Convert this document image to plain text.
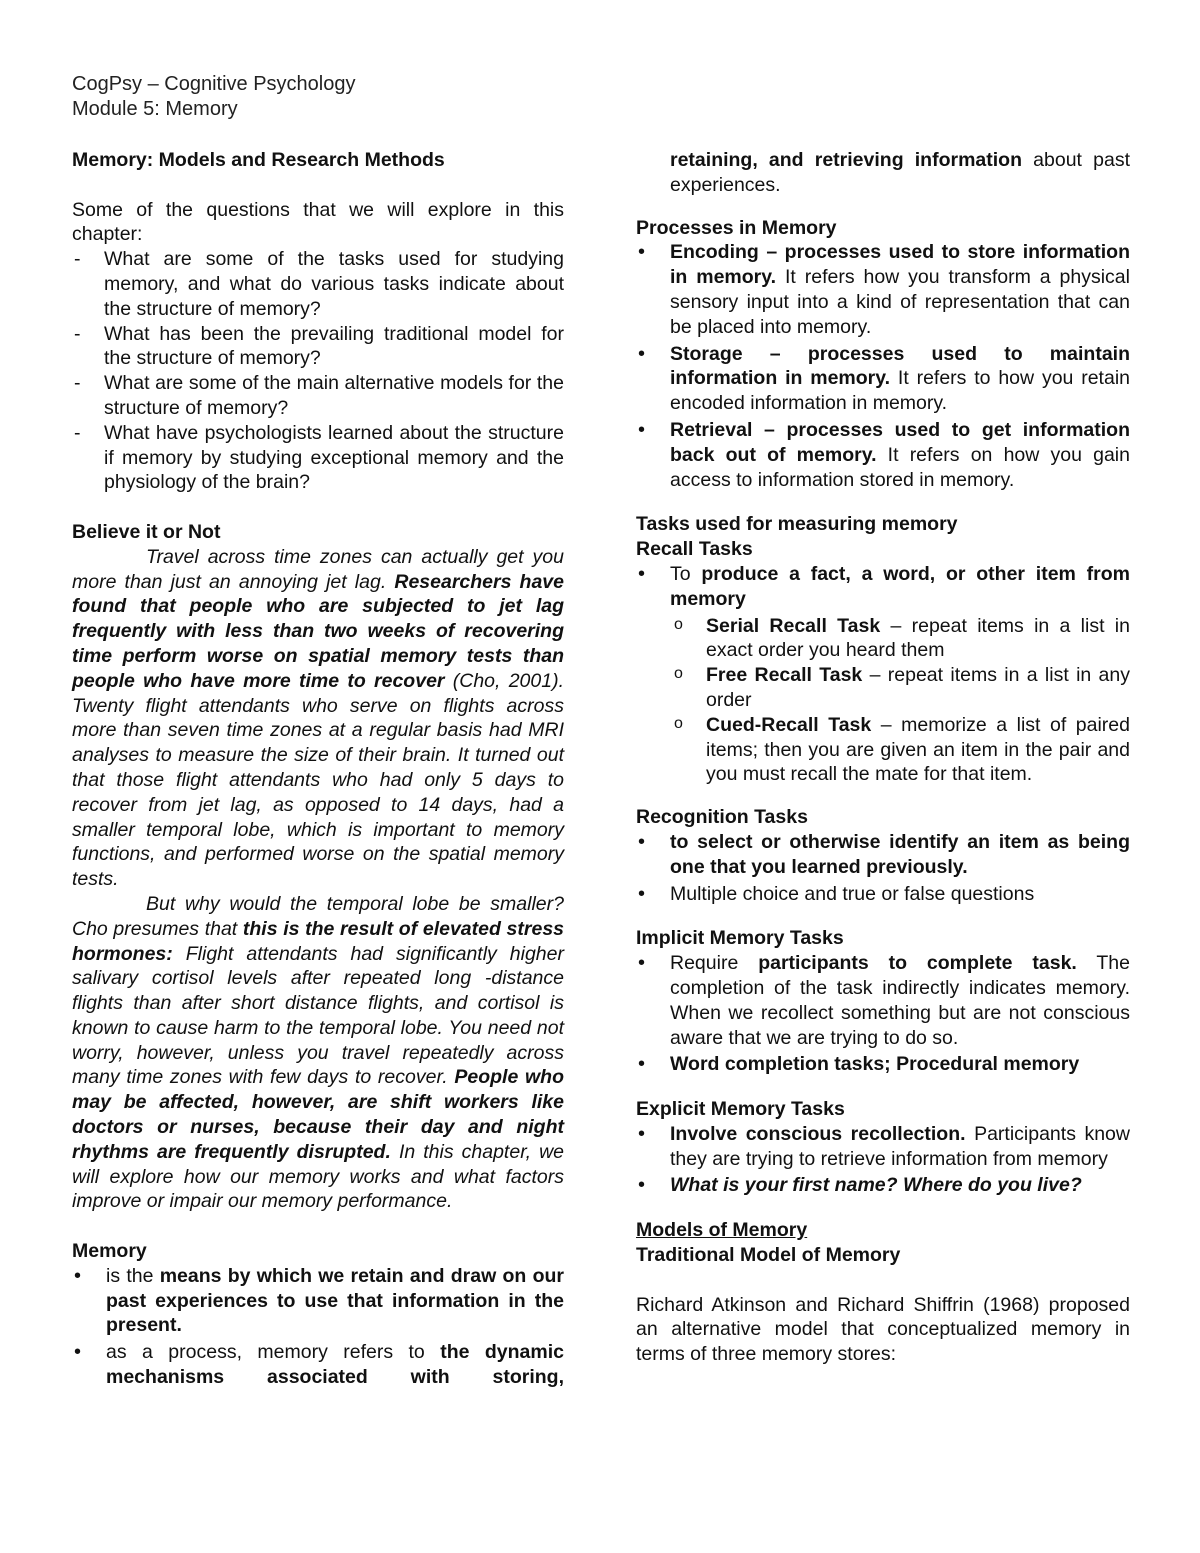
CogPsy – Cognitive Psychology
Module 5: Memory
Memory: Models and Research Methods

Some of the questions that we will explore in this chapter:

- What are some of the tasks used for studying memory, and what do various tasks indicate about the structure of memory?
- What has been the prevailing traditional model for the structure of memory?
- What are some of the main alternative models for the structure of memory?
- What have psychologists learned about the structure if memory by studying exceptional memory and the physiology of the brain?
Believe it or Not

Travel across time zones can actually get you more than just an annoying jet lag. Researchers have found that people who are subjected to jet lag frequently with less than two weeks of recovering time perform worse on spatial memory tests than people who have more time to recover (Cho, 2001). Twenty flight attendants who serve on flights across more than seven time zones at a regular basis had MRI analyses to measure the size of their brain. It turned out that those flight attendants who had only 5 days to recover from jet lag, as opposed to 14 days, had a smaller temporal lobe, which is important to memory functions, and performed worse on the spatial memory tests.

But why would the temporal lobe be smaller? Cho presumes that this is the result of elevated stress hormones: Flight attendants had significantly higher salivary cortisol levels after repeated long -distance flights than after short distance flights, and cortisol is known to cause harm to the temporal lobe. You need not worry, however, unless you travel repeatedly across many time zones with few days to recover. People who may be affected, however, are shift workers like doctors or nurses, because their day and night rhythms are frequently disrupted. In this chapter, we will explore how our memory works and what factors improve or impair our memory performance.

Memory
• is the means by which we retain and draw on our past experiences to use that information in the present.
• as a process, memory refers to the dynamic mechanisms associated with storing,

retaining, and retrieving information about past experiences.

Processes in Memory
• Encoding – processes used to store information in memory. It refers how you transform a physical sensory input into a kind of representation that can be placed into memory.
• Storage – processes used to maintain information in memory. It refers to how you retain encoded information in memory.
• Retrieval – processes used to get information back out of memory. It refers on how you gain access to information stored in memory.
Tasks used for measuring memory
Recall Tasks
• To produce a fact, a word, or other item from memory
o Serial Recall Task – repeat items in a list in exact order you heard them
o Free Recall Task – repeat items in a list in any order
o Cued-Recall Task – memorize a list of paired items; then you are given an item in the pair and you must recall the mate for that item.
Recognition Tasks
• to select or otherwise identify an item as being one that you learned previously.
• Multiple choice and true or false questions
Implicit Memory Tasks
• Require participants to complete task. The completion of the task indirectly indicates memory. When we recollect something but are not conscious aware that we are trying to do so.
• Word completion tasks; Procedural memory
Explicit Memory Tasks
• Involve conscious recollection. Participants know they are trying to retrieve information from memory
• What is your first name? Where do you live?
Models of Memory
Traditional Model of Memory

Richard Atkinson and Richard Shiffrin (1968) proposed an alternative model that conceptualized memory in terms of three memory stores:
